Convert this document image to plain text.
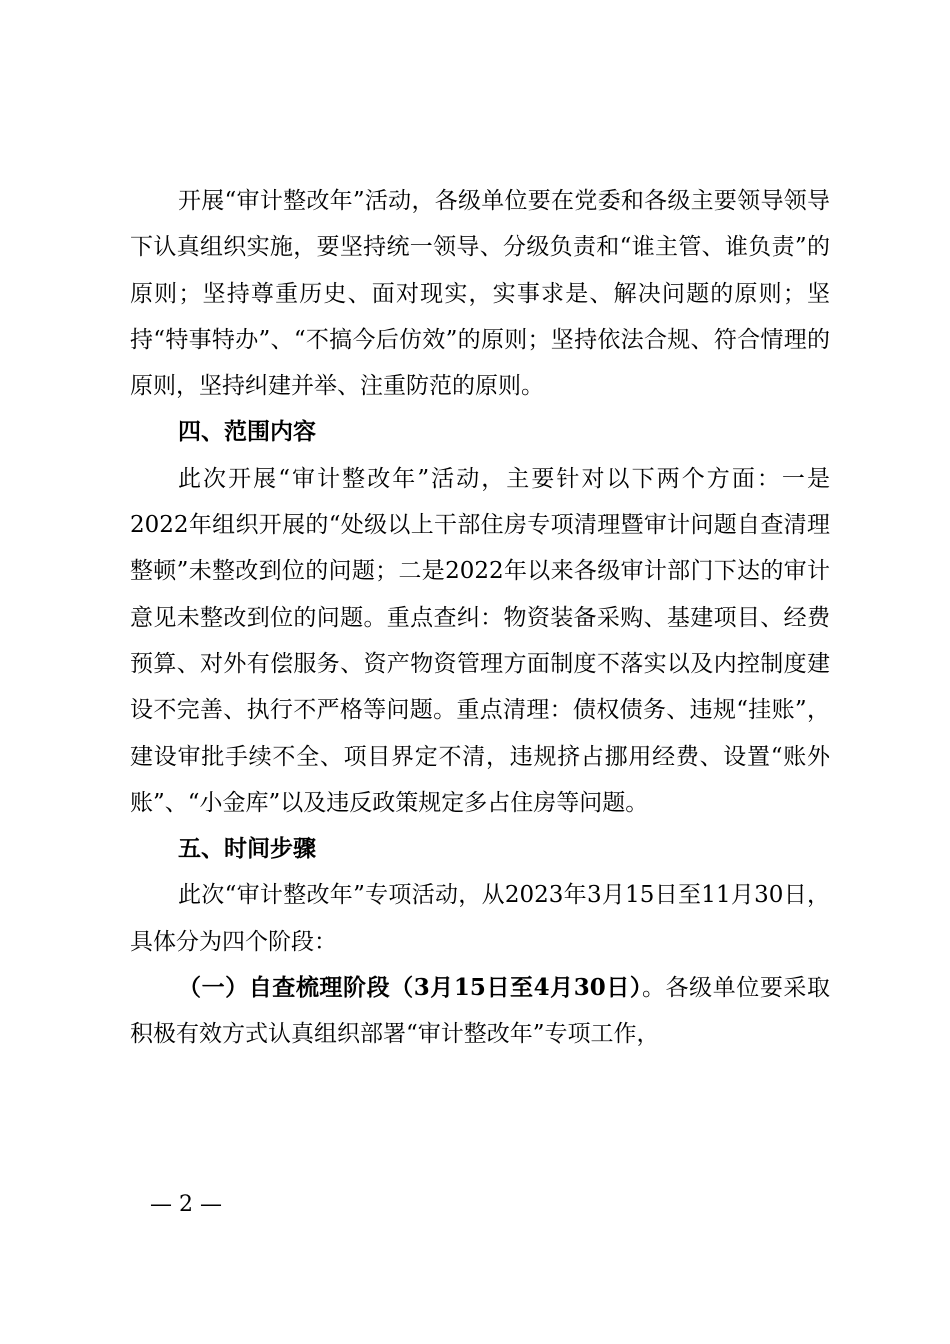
开展“审计整改年”活动，各级单位要在党委和各级主要领导领导下认真组织实施，要坚持统一领导、分级负责和“谁主管、谁负责”的原则；坚持尊重历史、面对现实，实事求是、解决问题的原则；坚持“特事特办”、“不搞今后仿效”的原则；坚持依法合规、符合情理的原则，坚持纠建并举、注重防范的原则。

四、范围内容

此次开展“审计整改年”活动，主要针对以下两个方面：一是2022年组织开展的“处级以上干部住房专项清理暨审计问题自查清理整顿”未整改到位的问题；二是2022年以来各级审计部门下达的审计意见未整改到位的问题。重点查纠：物资装备采购、基建项目、经费预算、对外有偿服务、资产物资管理方面制度不落实以及内控制度建设不完善、执行不严格等问题。重点清理：债权债务、违规“挂账”，建设审批手续不全、项目界定不清，违规挤占挪用经费、设置“账外账”、“小金库”以及违反政策规定多占住房等问题。

五、时间步骤

此次“审计整改年”专项活动，从2023年3月15日至11月30日，具体分为四个阶段：

（一）自查梳理阶段（3月15日至4月30日）。各级单位要采取积极有效方式认真组织部署“审计整改年”专项工作，

— 2 —
